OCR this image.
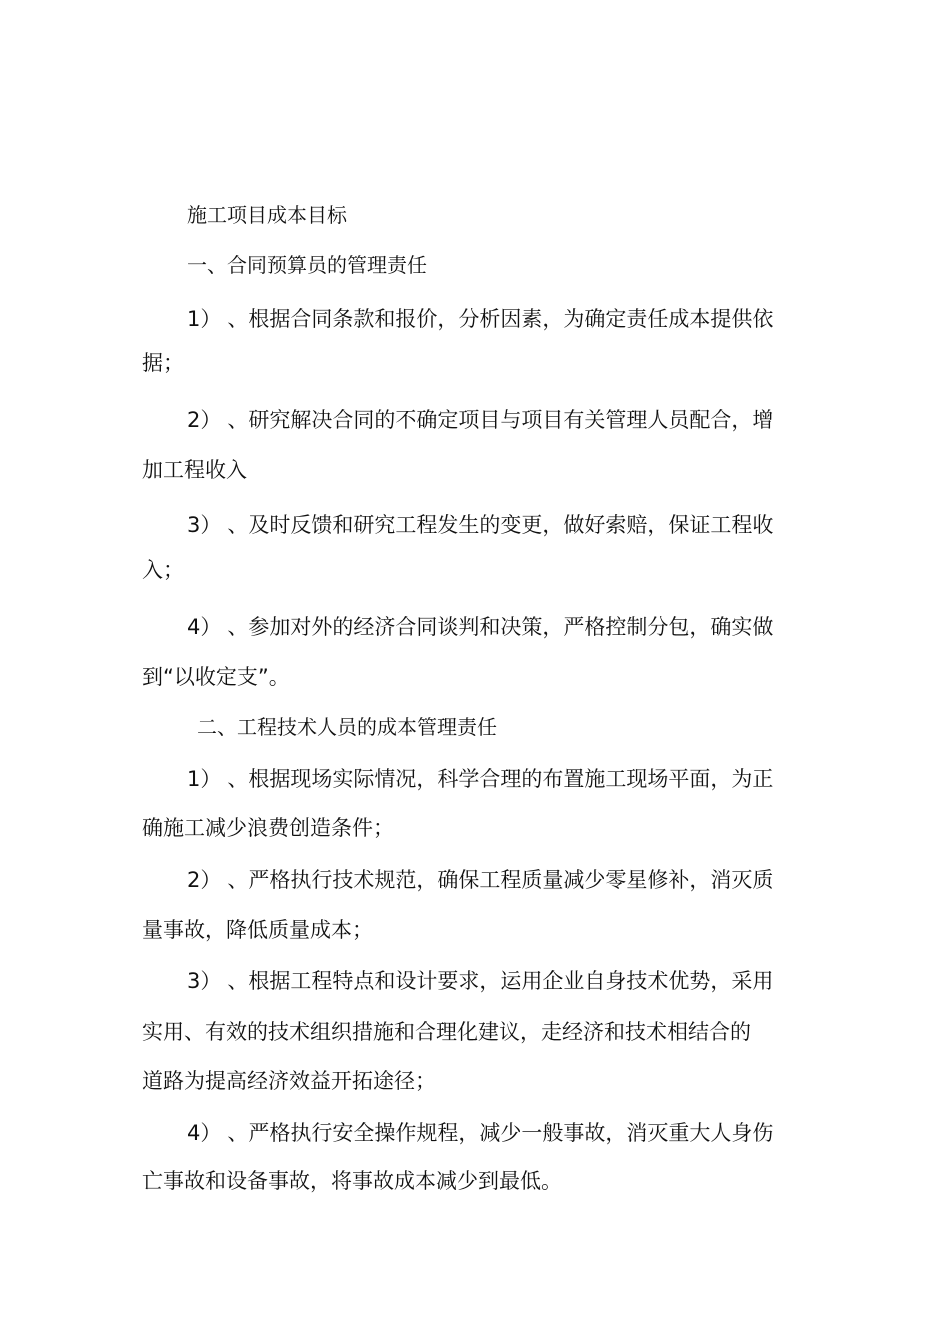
施工项目成本目标
一、合同预算员的管理责任
1） 、根据合同条款和报价，分析因素，为确定责任成本提供依
据；
2） 、研究解决合同的不确定项目与项目有关管理人员配合，增
加工程收入
3） 、及时反馈和研究工程发生的变更，做好索赔，保证工程收
入；
4） 、参加对外的经济合同谈判和决策，严格控制分包，确实做
到“以收定支”。
二、工程技术人员的成本管理责任
1） 、根据现场实际情况，科学合理的布置施工现场平面，为正
确施工减少浪费创造条件；
2） 、严格执行技术规范，确保工程质量减少零星修补，消灭质
量事故，降低质量成本；
3） 、根据工程特点和设计要求，运用企业自身技术优势，采用
实用、有效的技术组织措施和合理化建议，走经济和技术相结合的
道路为提高经济效益开拓途径；
4） 、严格执行安全操作规程，减少一般事故，消灭重大人身伤
亡事故和设备事故，将事故成本减少到最低。
